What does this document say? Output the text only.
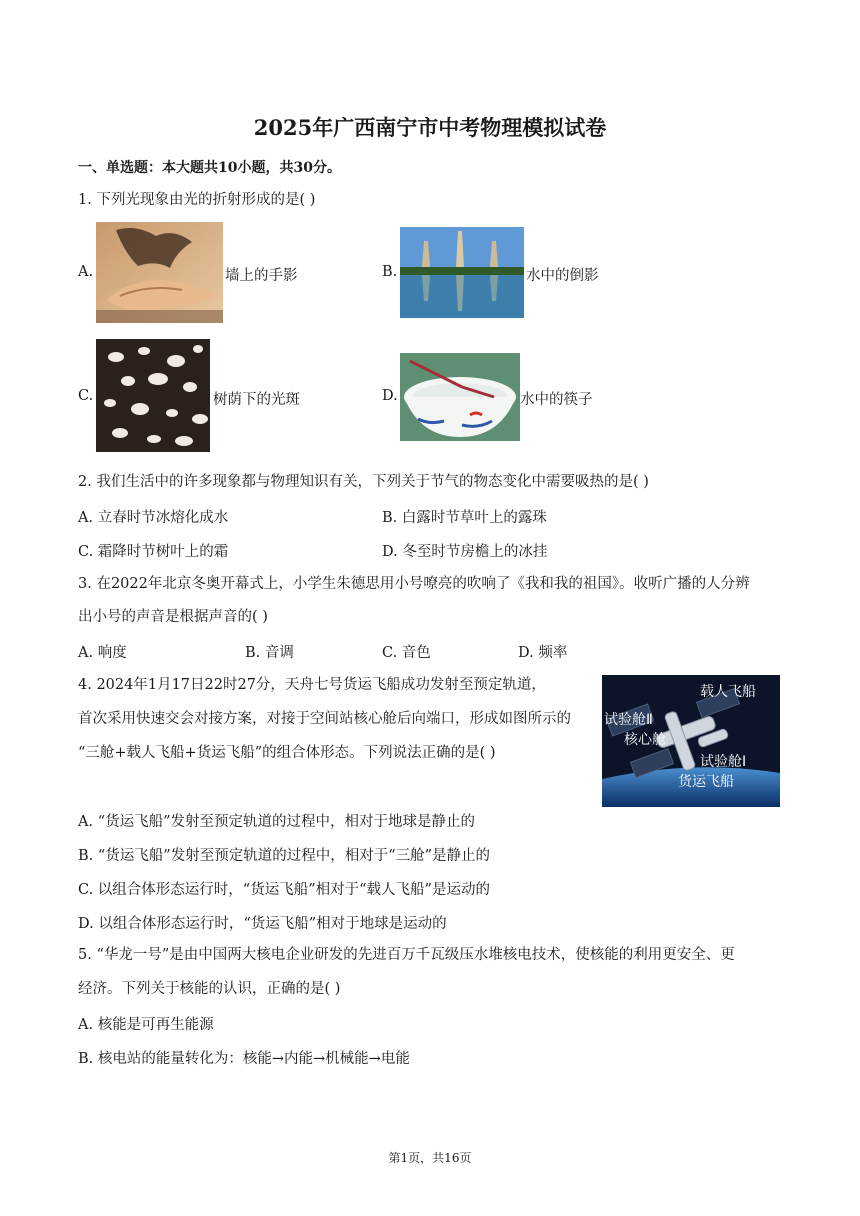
2025年广西南宁市中考物理模拟试卷
一、单选题：本大题共10小题，共30分。
1. 下列光现象由光的折射形成的是( )
A.	墙上的手影	B.	水中的倒影
C.	树荫下的光斑	D.	水中的筷子
2. 我们生活中的许多现象都与物理知识有关，下列关于节气的物态变化中需要吸热的是( )
A. 立春时节冰熔化成水	B. 白露时节草叶上的露珠
C. 霜降时节树叶上的霜	D. 冬至时节房檐上的冰挂
3. 在2022年北京冬奥开幕式上，小学生朱德思用小号嘹亮的吹响了《我和我的祖国》。收听广播的人分辨
出小号的声音是根据声音的( )
A. 响度	B. 音调	C. 音色	D. 频率
4. 2024年1月17日22时27分，天舟七号货运飞船成功发射至预定轨道，
首次采用快速交会对接方案，对接于空间站核心舱后向端口，形成如图所示的
“三舱+载人飞船+货运飞船”的组合体形态。下列说法正确的是( )
载人飞船
试验舱Ⅱ
核心舱
试验舱Ⅰ
货运飞船
A. “货运飞船”发射至预定轨道的过程中，相对于地球是静止的
B. “货运飞船”发射至预定轨道的过程中，相对于“三舱”是静止的
C. 以组合体形态运行时，“货运飞船”相对于“载人飞船”是运动的
D. 以组合体形态运行时，“货运飞船”相对于地球是运动的
5. “华龙一号”是由中国两大核电企业研发的先进百万千瓦级压水堆核电技术，使核能的利用更安全、更
经济。下列关于核能的认识，正确的是( )
A. 核能是可再生能源
B. 核电站的能量转化为：核能→内能→机械能→电能
第1页，共16页
